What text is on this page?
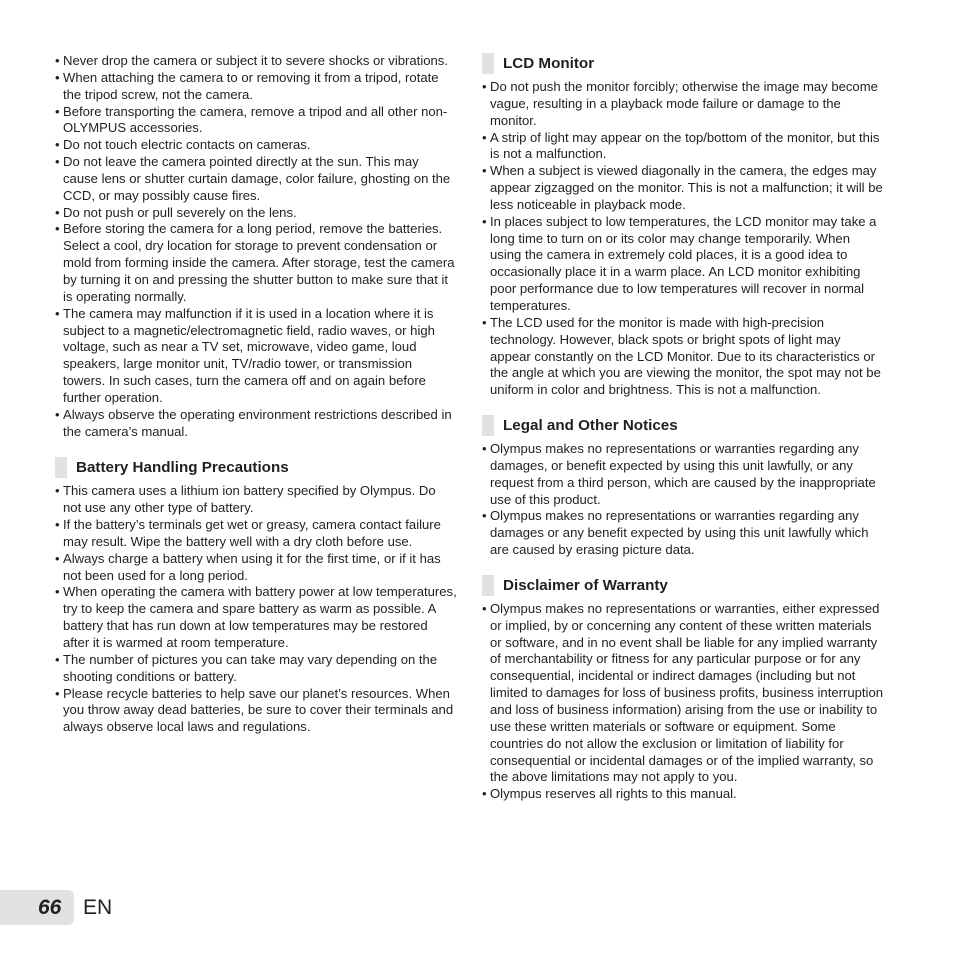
• Never drop the camera or subject it to severe shocks or vibrations.
• When attaching the camera to or removing it from a tripod, rotate the tripod screw, not the camera.
• Before transporting the camera, remove a tripod and all other non-OLYMPUS accessories.
• Do not touch electric contacts on cameras.
• Do not leave the camera pointed directly at the sun. This may cause lens or shutter curtain damage, color failure, ghosting on the CCD, or may possibly cause fires.
• Do not push or pull severely on the lens.
• Before storing the camera for a long period, remove the batteries. Select a cool, dry location for storage to prevent condensation or mold from forming inside the camera. After storage, test the camera by turning it on and pressing the shutter button to make sure that it is operating normally.
• The camera may malfunction if it is used in a location where it is subject to a magnetic/electromagnetic field, radio waves, or high voltage, such as near a TV set, microwave, video game, loud speakers, large monitor unit, TV/radio tower, or transmission towers. In such cases, turn the camera off and on again before further operation.
• Always observe the operating environment restrictions described in the camera’s manual.
Battery Handling Precautions
• This camera uses a lithium ion battery specified by Olympus. Do not use any other type of battery.
• If the battery’s terminals get wet or greasy, camera contact failure may result. Wipe the battery well with a dry cloth before use.
• Always charge a battery when using it for the first time, or if it has not been used for a long period.
• When operating the camera with battery power at low temperatures, try to keep the camera and spare battery as warm as possible. A battery that has run down at low temperatures may be restored after it is warmed at room temperature.
• The number of pictures you can take may vary depending on the shooting conditions or battery.
• Please recycle batteries to help save our planet’s resources. When you throw away dead batteries, be sure to cover their terminals and always observe local laws and regulations.
LCD Monitor
• Do not push the monitor forcibly; otherwise the image may become vague, resulting in a playback mode failure or damage to the monitor.
• A strip of light may appear on the top/bottom of the monitor, but this is not a malfunction.
• When a subject is viewed diagonally in the camera, the edges may appear zigzagged on the monitor. This is not a malfunction; it will be less noticeable in playback mode.
• In places subject to low temperatures, the LCD monitor may take a long time to turn on or its color may change temporarily. When using the camera in extremely cold places, it is a good idea to occasionally place it in a warm place. An LCD monitor exhibiting poor performance due to low temperatures will recover in normal temperatures.
• The LCD used for the monitor is made with high-precision technology. However, black spots or bright spots of light may appear constantly on the LCD Monitor. Due to its characteristics or the angle at which you are viewing the monitor, the spot may not be uniform in color and brightness. This is not a malfunction.
Legal and Other Notices
• Olympus makes no representations or warranties regarding any damages, or benefit expected by using this unit lawfully, or any request from a third person, which are caused by the inappropriate use of this product.
• Olympus makes no representations or warranties regarding any damages or any benefit expected by using this unit lawfully which are caused by erasing picture data.
Disclaimer of Warranty
• Olympus makes no representations or warranties, either expressed or implied, by or concerning any content of these written materials or software, and in no event shall be liable for any implied warranty of merchantability or fitness for any particular purpose or for any consequential, incidental or indirect damages (including but not limited to damages for loss of business profits, business interruption and loss of business information) arising from the use or inability to use these written materials or software or equipment. Some countries do not allow the exclusion or limitation of liability for consequential or incidental damages or of the implied warranty, so the above limitations may not apply to you.
• Olympus reserves all rights to this manual.
66 EN
